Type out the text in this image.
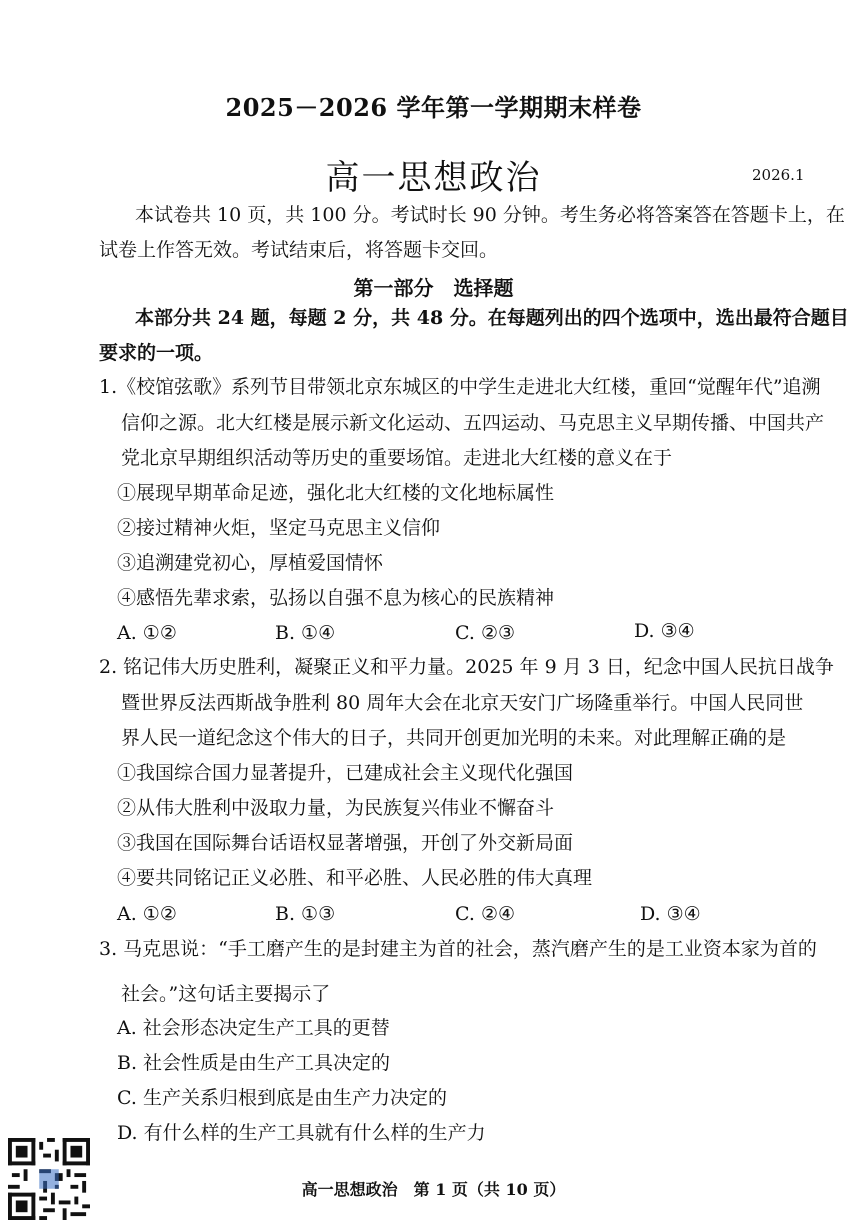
2025－2026 学年第一学期期末样卷
高一思想政治	2026.1
本试卷共 10 页，共 100 分。考试时长 90 分钟。考生务必将答案答在答题卡上，在
试卷上作答无效。考试结束后，将答题卡交回。
第一部分　选择题
本部分共 24 题，每题 2 分，共 48 分。在每题列出的四个选项中，选出最符合题目
要求的一项。
1.《校馆弦歌》系列节目带领北京东城区的中学生走进北大红楼，重回“觉醒年代”追溯
信仰之源。北大红楼是展示新文化运动、五四运动、马克思主义早期传播、中国共产
党北京早期组织活动等历史的重要场馆。走进北大红楼的意义在于
①展现早期革命足迹，强化北大红楼的文化地标属性
②接过精神火炬，坚定马克思主义信仰
③追溯建党初心，厚植爱国情怀
④感悟先辈求索，弘扬以自强不息为核心的民族精神
A. ①②	B. ①④	C. ②③	D. ③④
2. 铭记伟大历史胜利，凝聚正义和平力量。2025 年 9 月 3 日，纪念中国人民抗日战争
暨世界反法西斯战争胜利 80 周年大会在北京天安门广场隆重举行。中国人民同世
界人民一道纪念这个伟大的日子，共同开创更加光明的未来。对此理解正确的是
①我国综合国力显著提升，已建成社会主义现代化强国
②从伟大胜利中汲取力量，为民族复兴伟业不懈奋斗
③我国在国际舞台话语权显著增强，开创了外交新局面
④要共同铭记正义必胜、和平必胜、人民必胜的伟大真理
A. ①②	B. ①③	C. ②④	D. ③④
3. 马克思说：“手工磨产生的是封建主为首的社会，蒸汽磨产生的是工业资本家为首的
社会。”这句话主要揭示了
A. 社会形态决定生产工具的更替
B. 社会性质是由生产工具决定的
C. 生产关系归根到底是由生产力决定的
D. 有什么样的生产工具就有什么样的生产力
高一思想政治　第 1 页（共 10 页）
